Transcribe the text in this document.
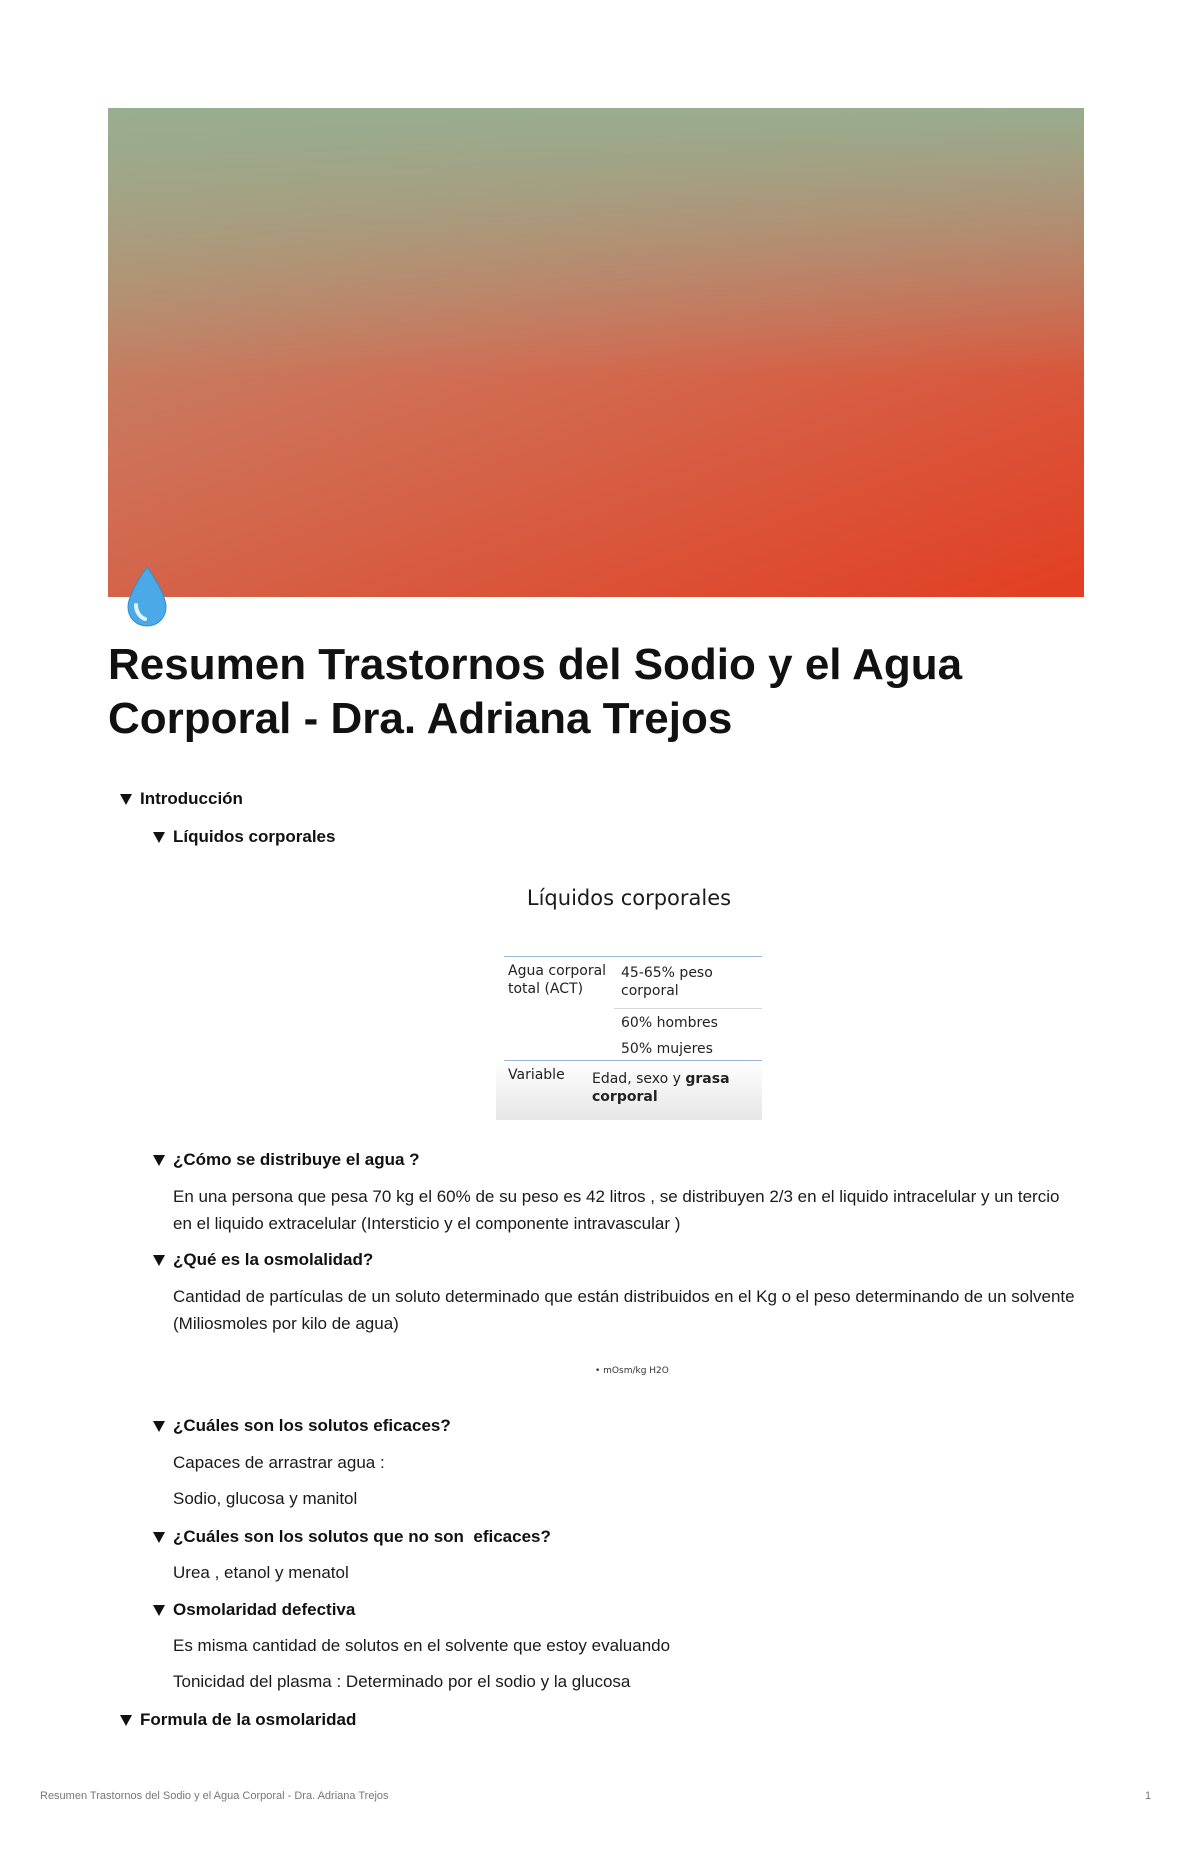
Resumen Trastornos del Sodio y el Agua Corporal - Dra. Adriana Trejos
Introducción
Líquidos corporales
Líquidos corporales
Agua corporal
total (ACT)
45-65% peso
corporal
60% hombres
50% mujeres
Variable Edad, sexo y grasa
corporal
¿Cómo se distribuye el agua ?
En una persona que pesa 70 kg el 60% de su peso es 42 litros , se distribuyen 2/3 en el liquido intracelular y un tercio en el liquido extracelular (Intersticio y el componente intravascular )
¿Qué es la osmolalidad?
Cantidad de partículas de un soluto determinado que están distribuidos en el Kg o el peso determinando de un solvente (Miliosmoles por kilo de agua)
• mOsm/kg H2O
¿Cuáles son los solutos eficaces?
Capaces de arrastrar agua :
Sodio, glucosa y manitol
¿Cuáles son los solutos que no son  eficaces?
Urea , etanol y menatol
Osmolaridad defectiva
Es misma cantidad de solutos en el solvente que estoy evaluando
Tonicidad del plasma : Determinado por el sodio y la glucosa
Formula de la osmolaridad
Resumen Trastornos del Sodio y el Agua Corporal - Dra. Adriana Trejos	1
